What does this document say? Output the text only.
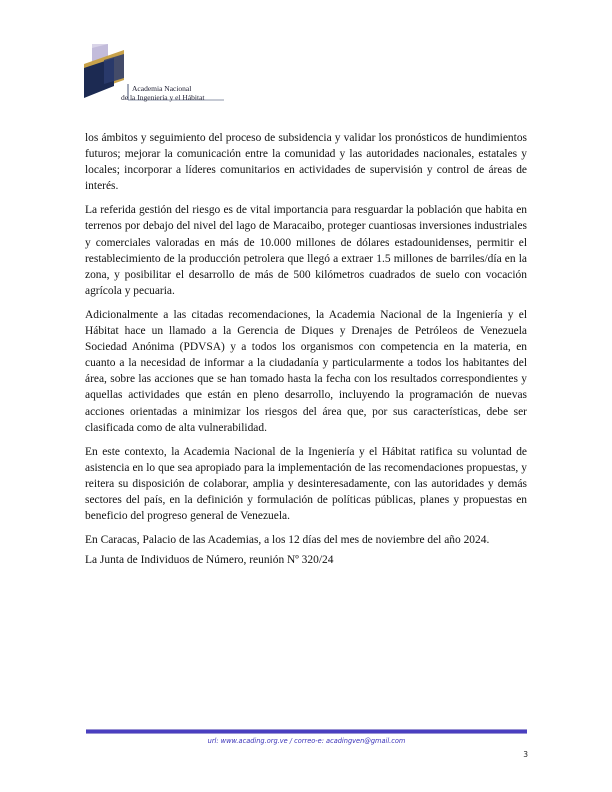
Academia Nacional
de la Ingeniería y el Hábitat

los ámbitos y seguimiento del proceso de subsidencia y validar los pronósticos de hundimientos futuros; mejorar la comunicación entre la comunidad y las autoridades nacionales, estatales y locales; incorporar a líderes comunitarios en actividades de supervisión y control de áreas de interés.

La referida gestión del riesgo es de vital importancia para resguardar la población que habita en terrenos por debajo del nivel del lago de Maracaibo, proteger cuantiosas inversiones industriales y comerciales valoradas en más de 10.000 millones de dólares estadounidenses, permitir el restablecimiento de la producción petrolera que llegó a extraer 1.5 millones de barriles/día en la zona, y posibilitar el desarrollo de más de 500 kilómetros cuadrados de suelo con vocación agrícola y pecuaria.

Adicionalmente a las citadas recomendaciones, la Academia Nacional de la Ingeniería y el Hábitat hace un llamado a la Gerencia de Diques y Drenajes de Petróleos de Venezuela Sociedad Anónima (PDVSA) y a todos los organismos con competencia en la materia, en cuanto a la necesidad de informar a la ciudadanía y particularmente a todos los habitantes del área, sobre las acciones que se han tomado hasta la fecha con los resultados correspondientes y aquellas actividades que están en pleno desarrollo, incluyendo la programación de nuevas acciones orientadas a minimizar los riesgos del área que, por sus características, debe ser clasificada como de alta vulnerabilidad.

En este contexto, la Academia Nacional de la Ingeniería y el Hábitat ratifica su voluntad de asistencia en lo que sea apropiado para la implementación de las recomendaciones propuestas, y reitera su disposición de colaborar, amplia y desinteresadamente, con las autoridades y demás sectores del país, en la definición y formulación de políticas públicas, planes y propuestas en beneficio del progreso general de Venezuela.

En Caracas, Palacio de las Academias, a los 12 días del mes de noviembre del año 2024.

La Junta de Individuos de Número, reunión Nº 320/24

url: www.acading.org.ve / correo-e: acadingven@gmail.com
3
